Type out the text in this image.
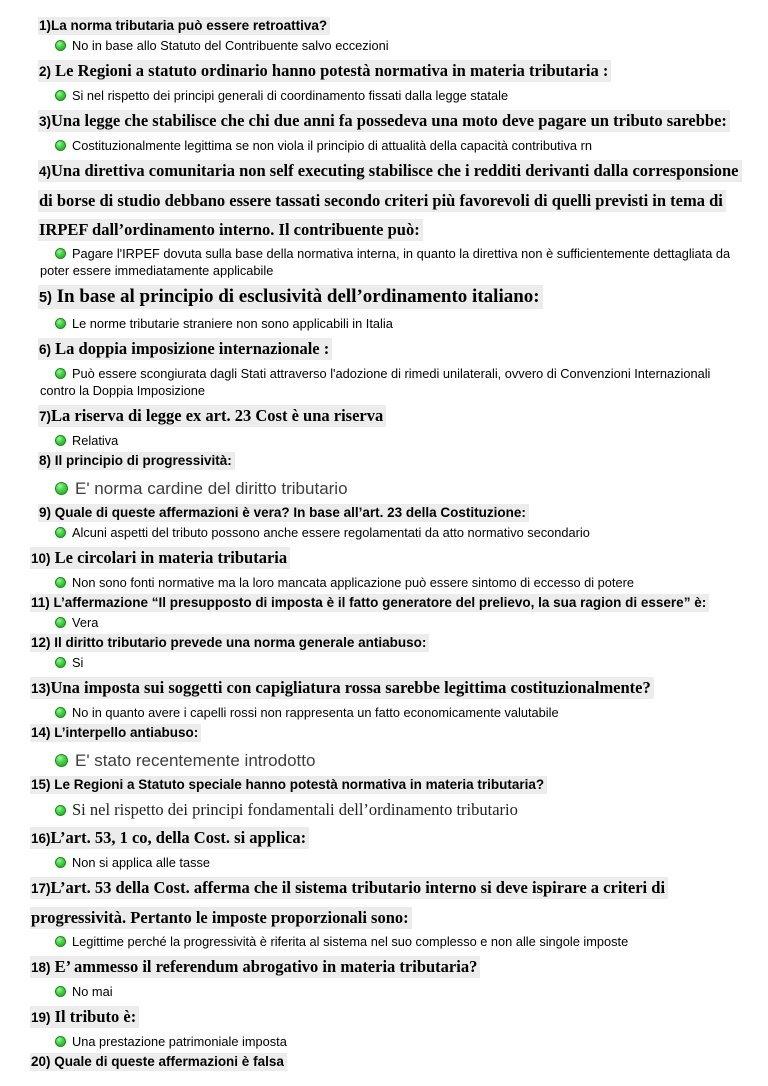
1)La norma tributaria può essere retroattiva?

No in base allo Statuto del Contribuente salvo eccezioni

2) Le Regioni a statuto ordinario hanno potestà normativa in materia tributaria :

Si nel rispetto dei principi generali di coordinamento fissati dalla legge statale

3)Una legge che stabilisce che chi due anni fa possedeva una moto deve pagare un tributo sarebbe:

Costituzionalmente legittima se non viola il principio di attualità della capacità contributiva rn

4)Una direttiva comunitaria non self executing stabilisce che i redditi derivanti dalla corresponsione di borse di studio debbano essere tassati secondo criteri più favorevoli di quelli previsti in tema di IRPEF dall’ordinamento interno. Il contribuente può:

Pagare l'IRPEF dovuta sulla base della normativa interna, in quanto la direttiva non è sufficientemente dettagliata da poter essere immediatamente applicabile

5) In base al principio di esclusività dell’ordinamento italiano:

Le norme tributarie straniere non sono applicabili in Italia

6) La doppia imposizione internazionale :

Può essere scongiurata dagli Stati attraverso l'adozione di rimedi unilaterali, ovvero di Convenzioni Internazionali contro la Doppia Imposizione

7)La riserva di legge ex art. 23 Cost è una riserva

Relativa

8) Il principio di progressività:

E' norma cardine del diritto tributario

9) Quale di queste affermazioni è vera? In base all’art. 23 della Costituzione:

Alcuni aspetti del tributo possono anche essere regolamentati da atto normativo secondario

10) Le circolari in materia tributaria

Non sono fonti normative ma la loro mancata applicazione può essere sintomo di eccesso di potere

11) L’affermazione “Il presupposto di imposta è il fatto generatore del prelievo, la sua ragion di essere” è:

Vera

12) Il diritto tributario prevede una norma generale antiabuso:

Si

13)Una imposta sui soggetti con capigliatura rossa sarebbe legittima costituzionalmente?

No in quanto avere i capelli rossi non rappresenta un fatto economicamente valutabile

14) L’interpello antiabuso:

E' stato recentemente introdotto

15) Le Regioni a Statuto speciale hanno potestà normativa in materia tributaria?

Si nel rispetto dei principi fondamentali dell’ordinamento tributario

16)L’art. 53, 1 co, della Cost. si applica:

Non si applica alle tasse

17)L’art. 53 della Cost. afferma che il sistema tributario interno si deve ispirare a criteri di progressività. Pertanto le imposte proporzionali sono:

Legittime perché la progressività è riferita al sistema nel suo complesso e non alle singole imposte

18) E’ ammesso il referendum abrogativo in materia tributaria?

No mai

19) Il tributo è:

Una prestazione patrimoniale imposta

20) Quale di queste affermazioni è falsa
